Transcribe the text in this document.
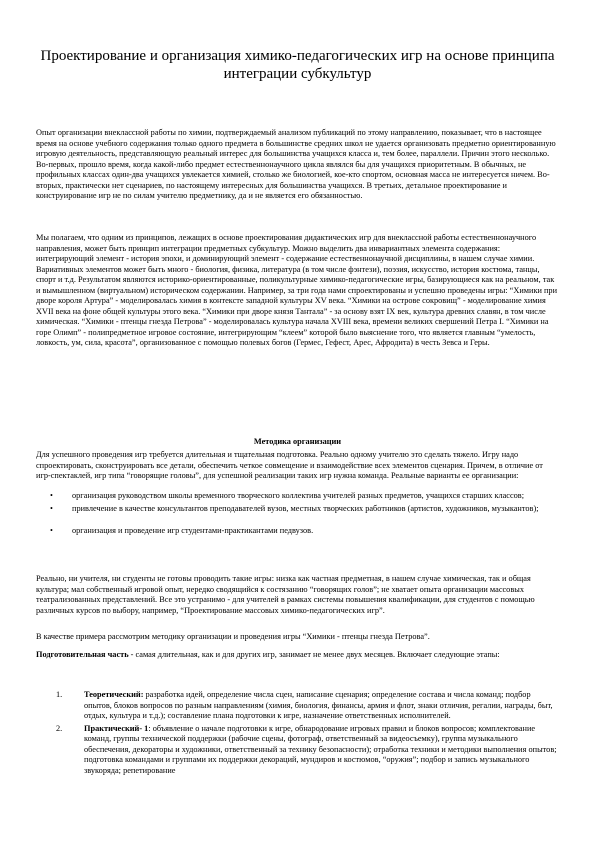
Проектирование и организация химико-педагогических игр на основе принципа интеграции субкультур

Опыт организации внеклассной работы по химии, подтверждаемый анализом публикаций по этому направлению, показывает, что в настоящее время на основе учебного содержания только одного предмета в большинстве средних школ не удается организовать предметно ориентированную игровую деятельность, представляющую реальный интерес для большинства учащихся класса и, тем более, параллели. Причин этого несколько. Во-первых, прошло время, когда какой-либо предмет естественнонаучного цикла являлся бы для учащихся приоритетным. В обычных, не профильных классах один-два учащихся увлекается химией, столько же биологией, кое-кто спортом, основная масса не интересуется ничем. Во-вторых, практически нет сценариев, по настоящему интересных для большинства учащихся. В третьих, детальное проектирование и конструирование игр не по силам учителю предметнику, да и не является его обязанностью.

Мы полагаем, что одним из принципов, лежащих в основе проектирования дидактических игр для внеклассной работы естественнонаучного направления, может быть принцип интеграции предметных субкультур. Можно выделить два инвариантных элемента содержания: интегрирующий элемент - история эпохи, и доминирующий элемент - содержание естественнонаучной дисциплины, в нашем случае химии. Вариативных элементов может быть много - биология, физика, литература (в том числе фэнтези), поэзия, искусство, история костюма, танцы, спорт и т.д. Результатом являются историко-ориентированные, поликультурные химико-педагогические игры, базирующиеся как на реальном, так и вымышленном (виртуальном) историческом содержании. Например, за три года нами спроектированы и успешно проведены игры: “Химики при дворе короля Артура” - моделировалась химия в контексте западной культуры XV века. “Химики на острове сокровищ” - моделирование химия XVII века на фоне общей культуры этого века. “Химики при дворе князя Тантала” - за основу взят IX век, культура древних славян, в том числе химическая. “Химики - птенцы гнезда Петрова” - моделировалась культура начала XVIII века, времени великих свершений Петра I. “Химики на горе Олимп” - полипредметное игровое состояние, интегрирующим “клеем” которой было выяснение того, что является главным “умелость, ловкость, ум, сила, красота”, организованное с помощью полевых богов (Гермес, Гефест, Арес, Афродита) в честь Зевса и Геры.

Методика организации

Для успешного проведения игр требуется длительная и тщательная подготовка. Реально одному учителю это сделать тяжело. Игру надо спроектировать, сконструировать все детали, обеспечить четкое совмещение и взаимодействие всех элементов сценария. Причем, в отличие от игр-спектаклей, игр типа “говорящие головы”, для успешной реализации таких игр нужна команда. Реальные варианты ее организации:

• организация руководством школы временного творческого коллектива учителей разных предметов, учащихся старших классов;
• привлечение в качестве консультантов преподавателей вузов, местных творческих работников (артистов, художников, музыкантов);
• организация и проведение игр студентами-практикантами педвузов.

Реально, ни учителя, ни студенты не готовы проводить такие игры: низка как частная предметная, в нашем случае химическая, так и общая культура; мал собственный игровой опыт, нередко сводящийся к состязанию “говорящих голов”; не хватает опыта организации массовых театрализованных представлений. Все это устранимо - для учителей в рамках системы повышения квалификации, для студентов с помощью различных курсов по выбору, например, “Проектирование массовых химико-педагогических игр”.

В качестве примера рассмотрим методику организации и проведения игры “Химики - птенцы гнезда Петрова”.

Подготовительная часть - самая длительная, как и для других игр, занимает не менее двух месяцев. Включает следующие этапы:

1.	Теоретический: разработка идей, определение числа сцен, написание сценария; определение состава и числа команд; подбор опытов, блоков вопросов по разным направлениям (химия, биология, финансы, армия и флот, знаки отличия, регалии, награды, быт, отдых, культура и т.д.); составление плана подготовки к игре, назначение ответственных исполнителей.
2.	Практический- 1: объявление о начале подготовки к игре, обнародование игровых правил и блоков вопросов; комплектование команд, группы технической поддержки (рабочие сцены, фотограф, ответственный за видеосъемку), группа музыкального обеспечения, декораторы и художники, ответственный за технику безопасности); отработка техники и методики выполнения опытов; подготовка командами и группами их поддержки декораций, мундиров и костюмов, “оружия”; подбор и запись музыкального звукоряда; репетирование
